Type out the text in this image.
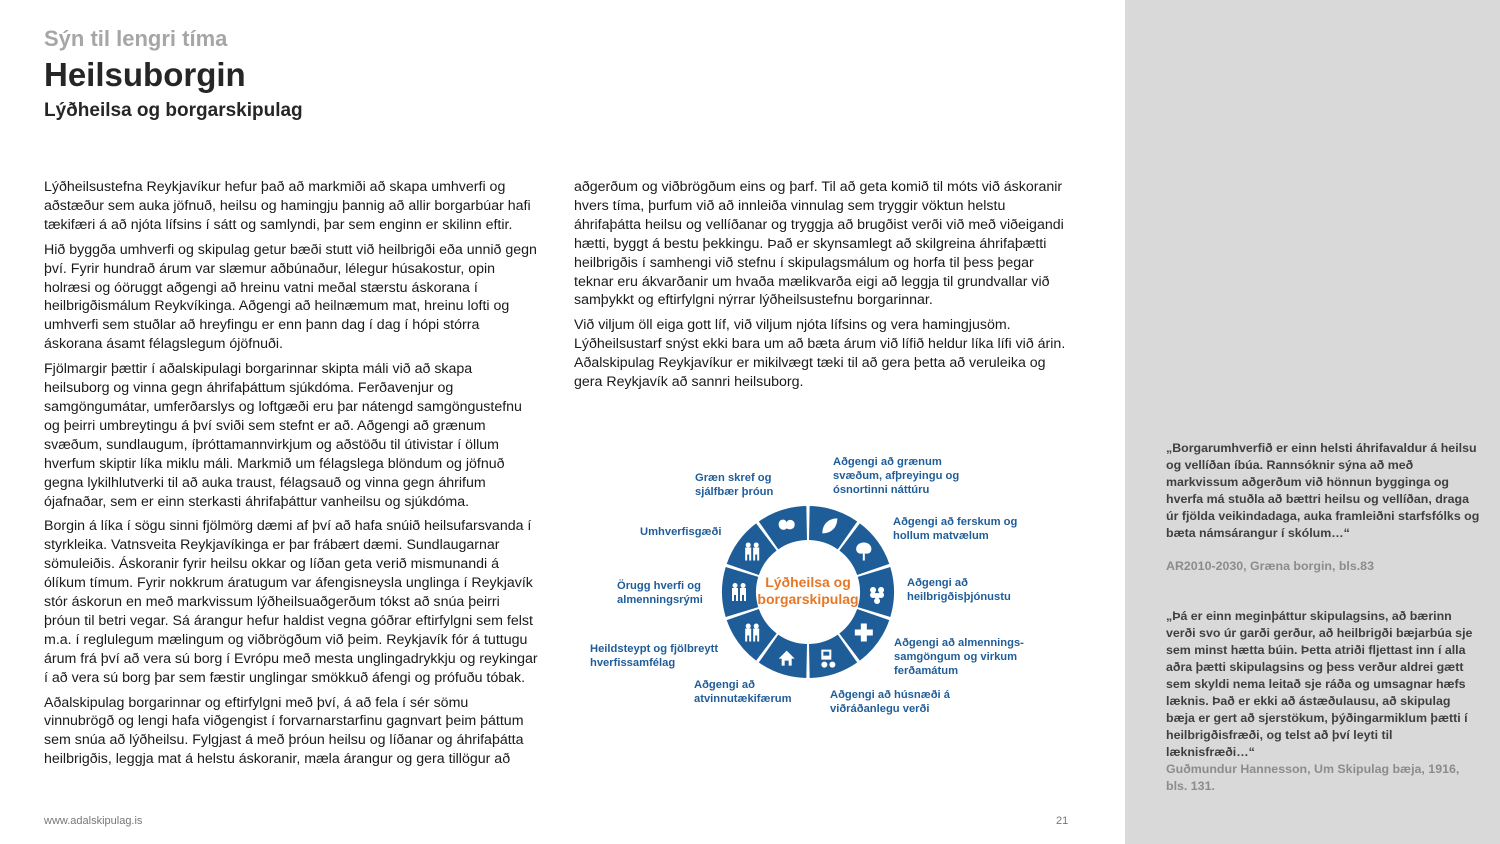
Sýn til lengri tíma
Heilsuborgin
Lýðheilsa og borgarskipulag

Lýðheilsustefna Reykjavíkur hefur það að markmiði að skapa umhverfi og aðstæður sem auka jöfnuð, heilsu og hamingju þannig að allir borgarbúar hafi tækifæri á að njóta lífsins í sátt og samlyndi, þar sem enginn er skilinn eftir.

Hið byggða umhverfi og skipulag getur bæði stutt við heilbrigði eða unnið gegn því. Fyrir hundrað árum var slæmur aðbúnaður, lélegur húsakostur, opin holræsi og óöruggt aðgengi að hreinu vatni meðal stærstu áskorana í heilbrigðismálum Reykvíkinga. Aðgengi að heilnæmum mat, hreinu lofti og umhverfi sem stuðlar að hreyfingu er enn þann dag í dag í hópi stórra áskorana ásamt félagslegum ójöfnuði.

Fjölmargir þættir í aðalskipulagi borgarinnar skipta máli við að skapa heilsuborg og vinna gegn áhrifaþáttum sjúkdóma. Ferðavenjur og samgöngumátar, umferðarslys og loftgæði eru þar nátengd samgöngustefnu og þeirri umbreytingu á því sviði sem stefnt er að. Aðgengi að grænum svæðum, sundlaugum, íþróttamannvirkjum og aðstöðu til útivistar í öllum hverfum skiptir líka miklu máli. Markmið um félagslega blöndum og jöfnuð gegna lykilhlutverki til að auka traust, félagsauð og vinna gegn áhrifum ójafnaðar, sem er einn sterkasti áhrifaþáttur vanheilsu og sjúkdóma.

Borgin á líka í sögu sinni fjölmörg dæmi af því að hafa snúið heilsufarsvanda í styrkleika. Vatnsveita Reykjavíkinga er þar frábært dæmi. Sundlaugarnar sömuleiðis. Áskoranir fyrir heilsu okkar og líðan geta verið mismunandi á ólíkum tímum. Fyrir nokkrum áratugum var áfengisneysla unglinga í Reykjavík stór áskorun en með markvissum lýðheilsuaðgerðum tókst að snúa þeirri þróun til betri vegar. Sá árangur hefur haldist vegna góðrar eftirfylgni sem felst m.a. í reglulegum mælingum og viðbrögðum við þeim. Reykjavík fór á tuttugu árum frá því að vera sú borg í Evrópu með mesta unglingadrykkju og reykingar í að vera sú borg þar sem fæstir unglingar smökkuð áfengi og prófuðu tóbak.

Aðalskipulag borgarinnar og eftirfylgni með því, á að fela í sér sömu vinnubrögð og lengi hafa viðgengist í forvarnarstarfinu gagnvart þeim þáttum sem snúa að lýðheilsu. Fylgjast á með þróun heilsu og líðanar og áhrifaþátta heilbrigðis, leggja mat á helstu áskoranir, mæla árangur og gera tillögur að

aðgerðum og viðbrögðum eins og þarf. Til að geta komið til móts við áskoranir hvers tíma, þurfum við að innleiða vinnulag sem tryggir vöktun helstu áhrifaþátta heilsu og vellíðanar og tryggja að brugðist verði við með viðeigandi hætti, byggt á bestu þekkingu. Það er skynsamlegt að skilgreina áhrifaþætti heilbrigðis í samhengi við stefnu í skipulagsmálum og horfa til þess þegar teknar eru ákvarðanir um hvaða mælikvarða eigi að leggja til grundvallar við samþykkt og eftirfylgni nýrrar lýðheilsustefnu borgarinnar.

Við viljum öll eiga gott líf, við viljum njóta lífsins og vera hamingjusöm. Lýðheilsustarf snýst ekki bara um að bæta árum við lífið heldur líka lífi við árin. Aðalskipulag Reykjavíkur er mikilvægt tæki til að gera þetta að veruleika og gera Reykjavík að sannri heilsuborg.

Lýðheilsa og
borgarskipulag
Græn skref og
sjálfbær þróun
Aðgengi að grænum
svæðum, afþreyingu og
ósnortinni náttúru
Aðgengi að ferskum og
hollum matvælum
Aðgengi að
heilbrigðisþjónustu
Aðgengi að almennings-
samgöngum og virkum
ferðamátum
Aðgengi að húsnæði á
viðráðanlegu verði
Aðgengi að
atvinnutækifærum
Heildsteypt og fjölbreytt
hverfissamfélag
Örugg hverfi og
almenningsrými
Umhverfisgæði
www.adalskipulag.is	21
„Borgarumhverfið er einn helsti áhrifavaldur á heilsu og vellíðan íbúa. Rannsóknir sýna að með markvissum aðgerðum við hönnun bygginga og hverfa má stuðla að bættri heilsu og vellíðan, draga úr fjölda veikindadaga, auka framleiðni starfsfólks og bæta námsárangur í skólum…“
AR2010-2030, Græna borgin, bls.83
„Þá er einn meginþáttur skipulagsins, að bærinn verði svo úr garði gerður, að heilbrigði bæjarbúa sje sem minst hætta búin. Þetta atriði fljettast inn í alla aðra þætti skipulagsins og þess verður aldrei gætt sem skyldi nema leitað sje ráða og umsagnar hæfs læknis. Það er ekki að ástæðulausu, að skipulag bæja er gert að sjerstökum, þýðingarmiklum þætti í heilbrigðisfræði, og telst að því leyti til læknisfræði…“
Guðmundur Hannesson, Um Skipulag bæja, 1916, bls. 131.
